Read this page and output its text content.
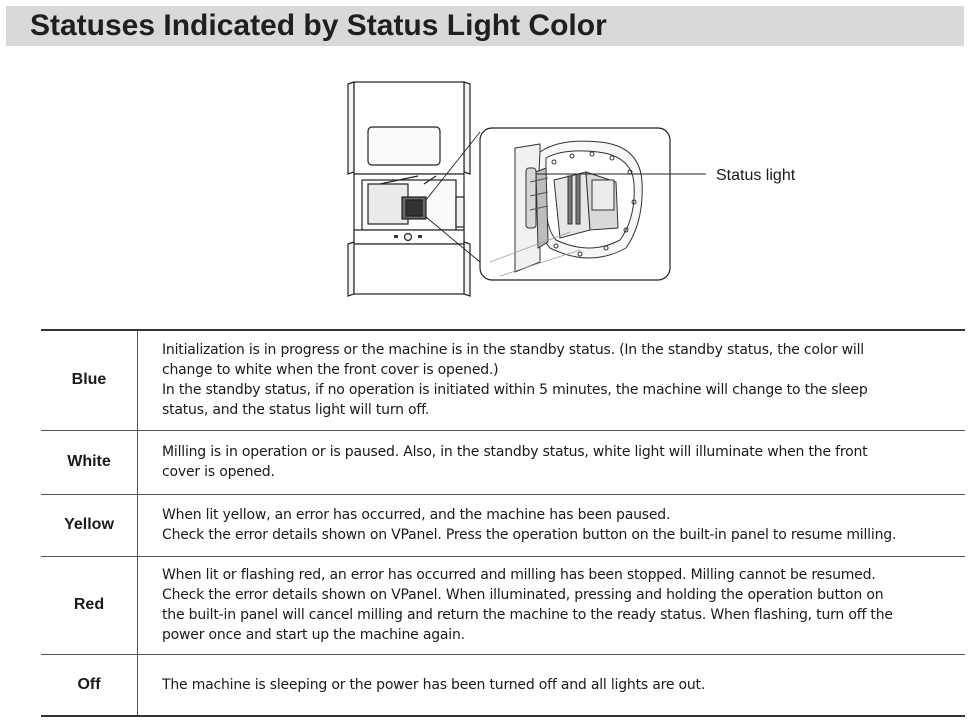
Statuses Indicated by Status Light Color
Status light
Blue	Initialization is in progress or the machine is in the standby status. (In the standby status, the color will
change to white when the front cover is opened.)
In the standby status, if no operation is initiated within 5 minutes, the machine will change to the sleep
status, and the status light will turn off.

White	Milling is in operation or is paused. Also, in the standby status, white light will illuminate when the front
cover is opened.

Yellow	When lit yellow, an error has occurred, and the machine has been paused.
Check the error details shown on VPanel. Press the operation button on the built-in panel to resume milling.

Red	When lit or flashing red, an error has occurred and milling has been stopped. Milling cannot be resumed.
Check the error details shown on VPanel. When illuminated, pressing and holding the operation button on
the built-in panel will cancel milling and return the machine to the ready status. When flashing, turn off the
power once and start up the machine again.

Off	The machine is sleeping or the power has been turned off and all lights are out.
